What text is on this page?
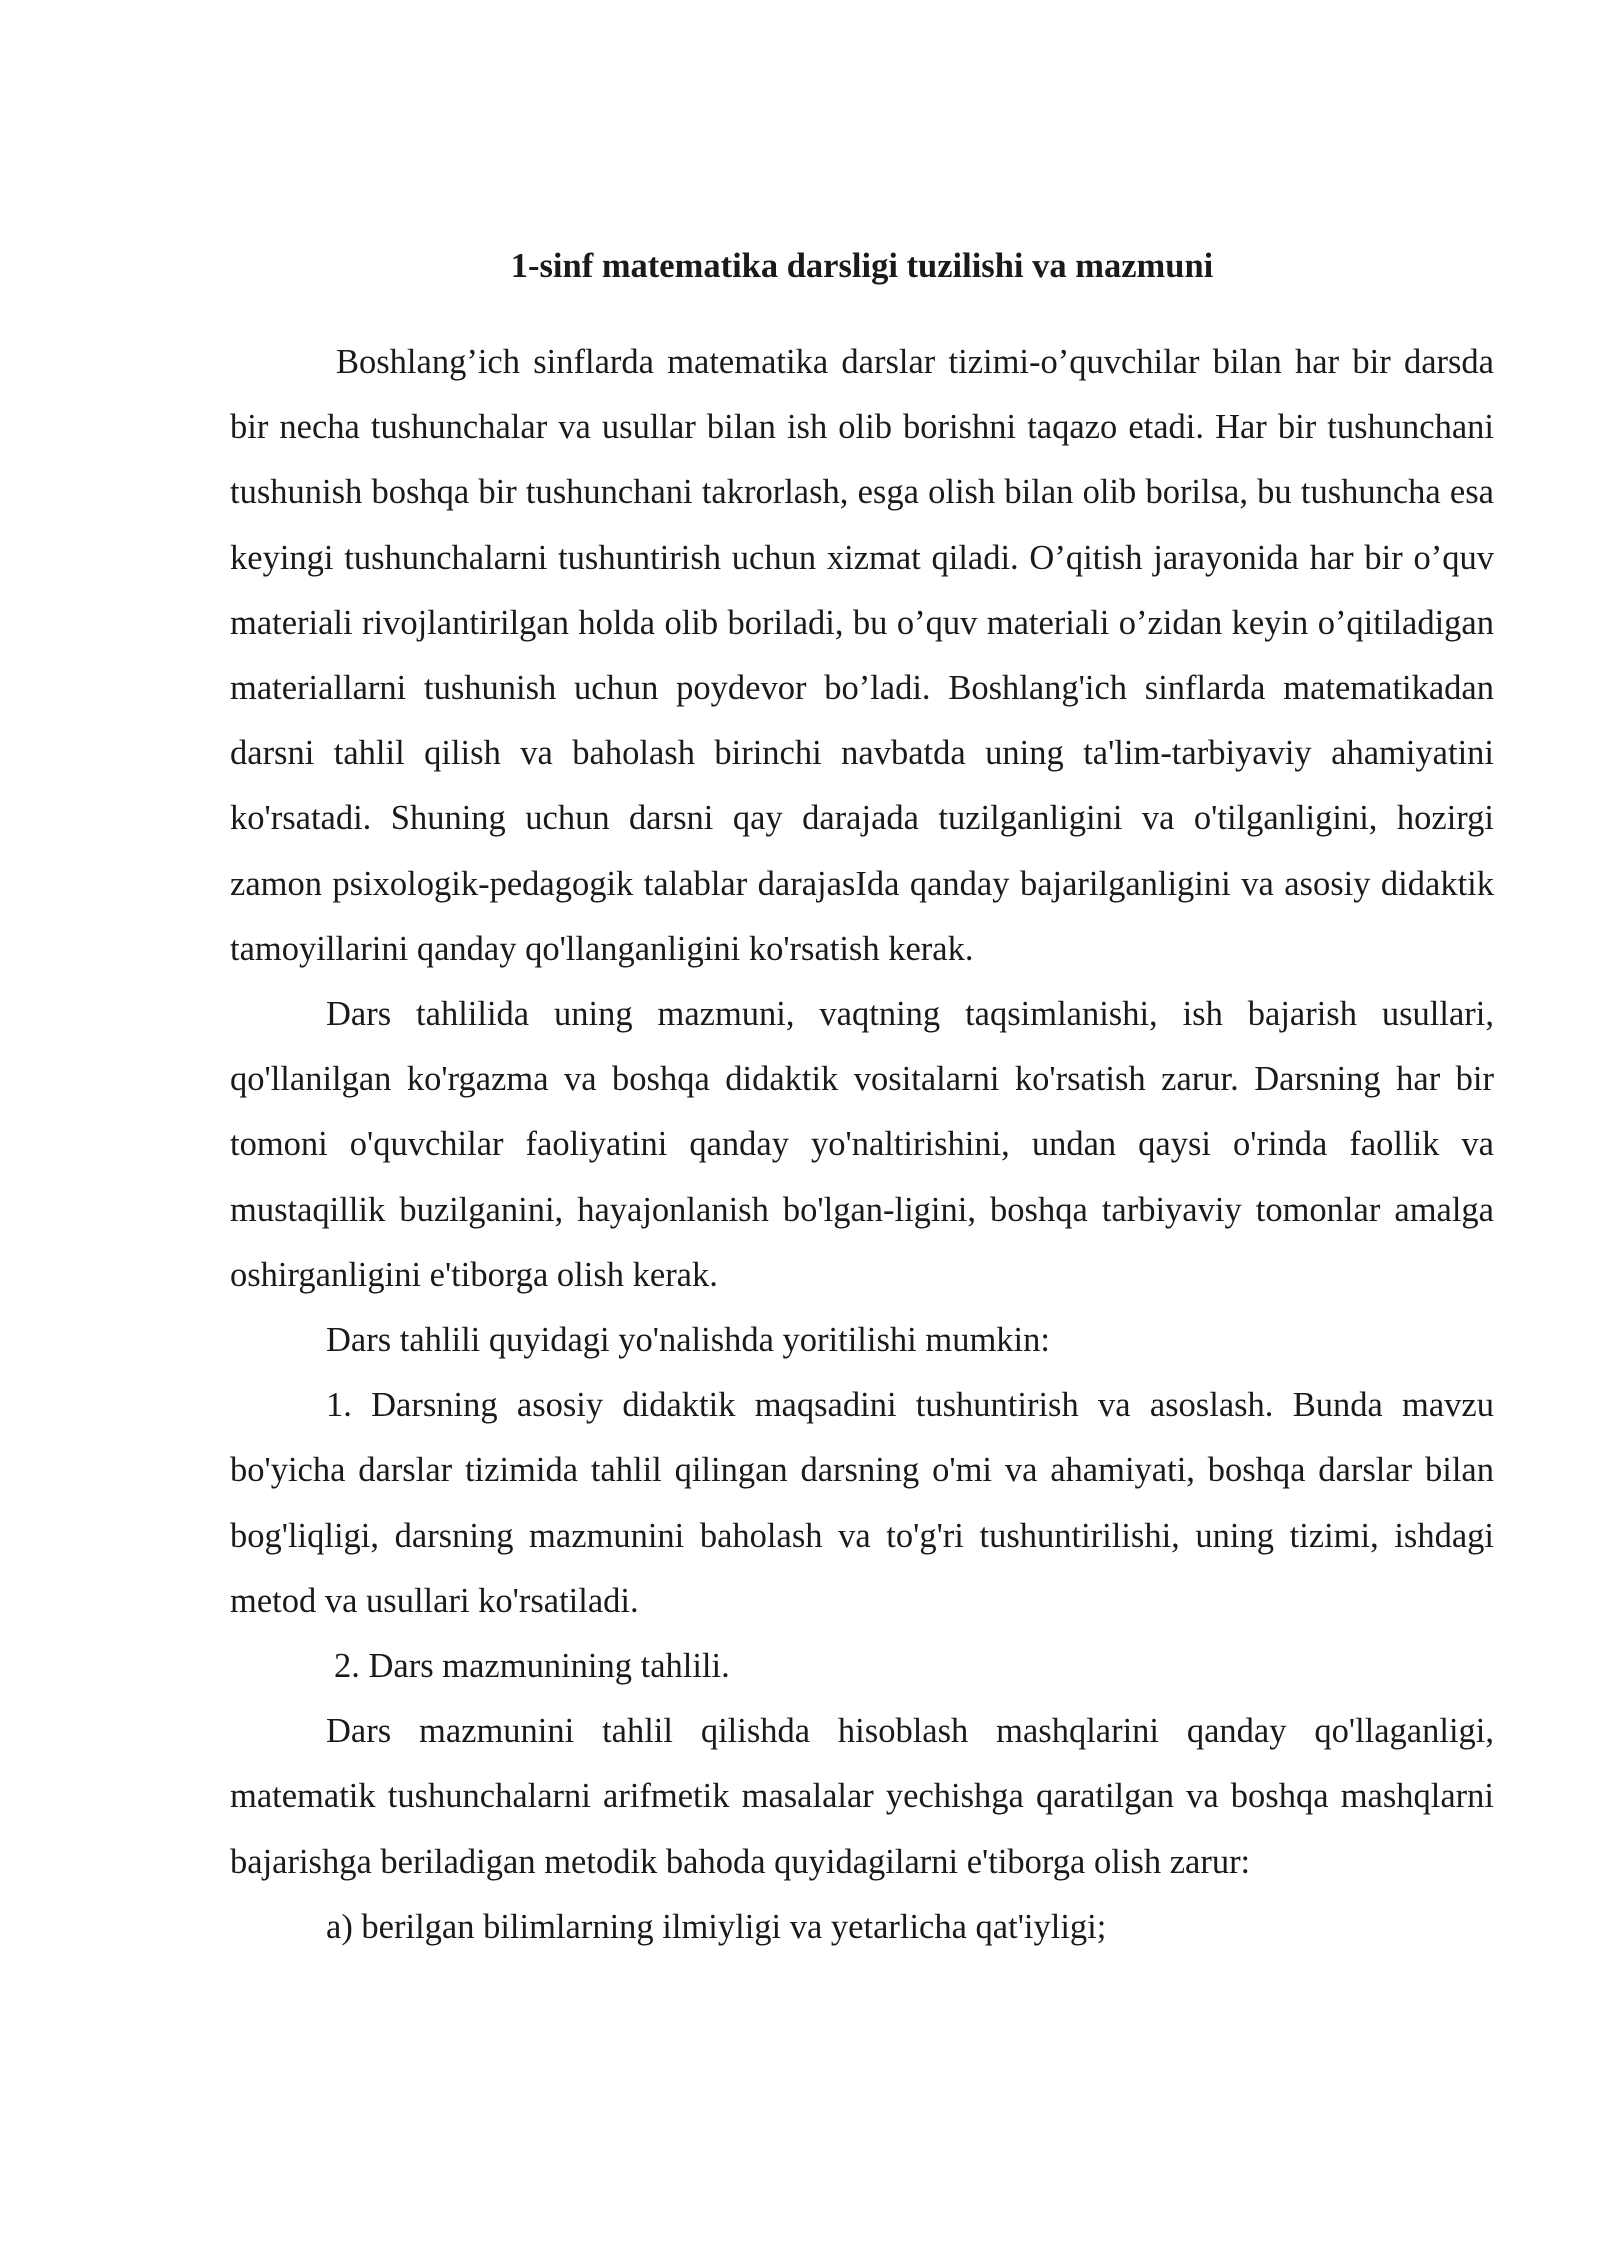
1-sinf matematika darsligi tuzilishi va mazmuni

Boshlang’ich sinflarda matematika darslar tizimi-o’quvchilar bilan har bir darsda bir necha tushunchalar va usullar bilan ish olib borishni taqazo etadi. Har bir tushunchani tushunish boshqa bir tushunchani takrorlash, esga olish bilan olib borilsa, bu tushuncha esa keyingi tushunchalarni tushuntirish uchun xizmat qiladi. O’qitish jarayonida har bir o’quv materiali rivojlantirilgan holda olib boriladi, bu o’quv materiali o’zidan keyin o’qitiladigan materiallarni tushunish uchun poydevor bo’ladi. Boshlang'ich sinflarda matematikadan darsni tahlil qilish va baholash birinchi navbatda uning ta'lim-tarbiyaviy ahamiyatini ko'rsatadi. Shuning uchun darsni qay darajada tuzilganligini va o'tilganligini, hozirgi zamon psixologik-pedagogik talablar darajasIda qanday bajarilganligini va asosiy didaktik tamoyillarini qanday qo'llanganligini ko'rsatish kerak.

Dars tahlilida uning mazmuni, vaqtning taqsimlanishi, ish bajarish usullari, qo'llanilgan ko'rgazma va boshqa didaktik vositalarni ko'rsatish zarur. Darsning har bir tomoni o'quvchilar faoliyatini qanday yo'naltirishini, undan qaysi o'rinda faollik va mustaqillik buzilganini, hayajonlanish bo'lgan-ligini, boshqa tarbiyaviy tomonlar amalga oshirganligini e'tiborga olish kerak.

Dars tahlili quyidagi yo'nalishda yoritilishi mumkin:

1. Darsning asosiy didaktik maqsadini tushuntirish va asoslash. Bunda mavzu bo'yicha darslar tizimida tahlil qilingan darsning o'mi va ahamiyati, boshqa darslar bilan bog'liqligi, darsning mazmunini baholash va to'g'ri tushuntirilishi, uning tizimi, ishdagi metod va usullari ko'rsatiladi.

2. Dars mazmunining tahlili.

Dars mazmunini tahlil qilishda hisoblash mashqlarini qanday qo'llaganligi, matematik tushunchalarni arifmetik masalalar yechishga qaratilgan va boshqa mashqlarni bajarishga beriladigan metodik bahoda quyidagilarni e'tiborga olish zarur:

a) berilgan bilimlarning ilmiyligi va yetarlicha qat'iyligi;
